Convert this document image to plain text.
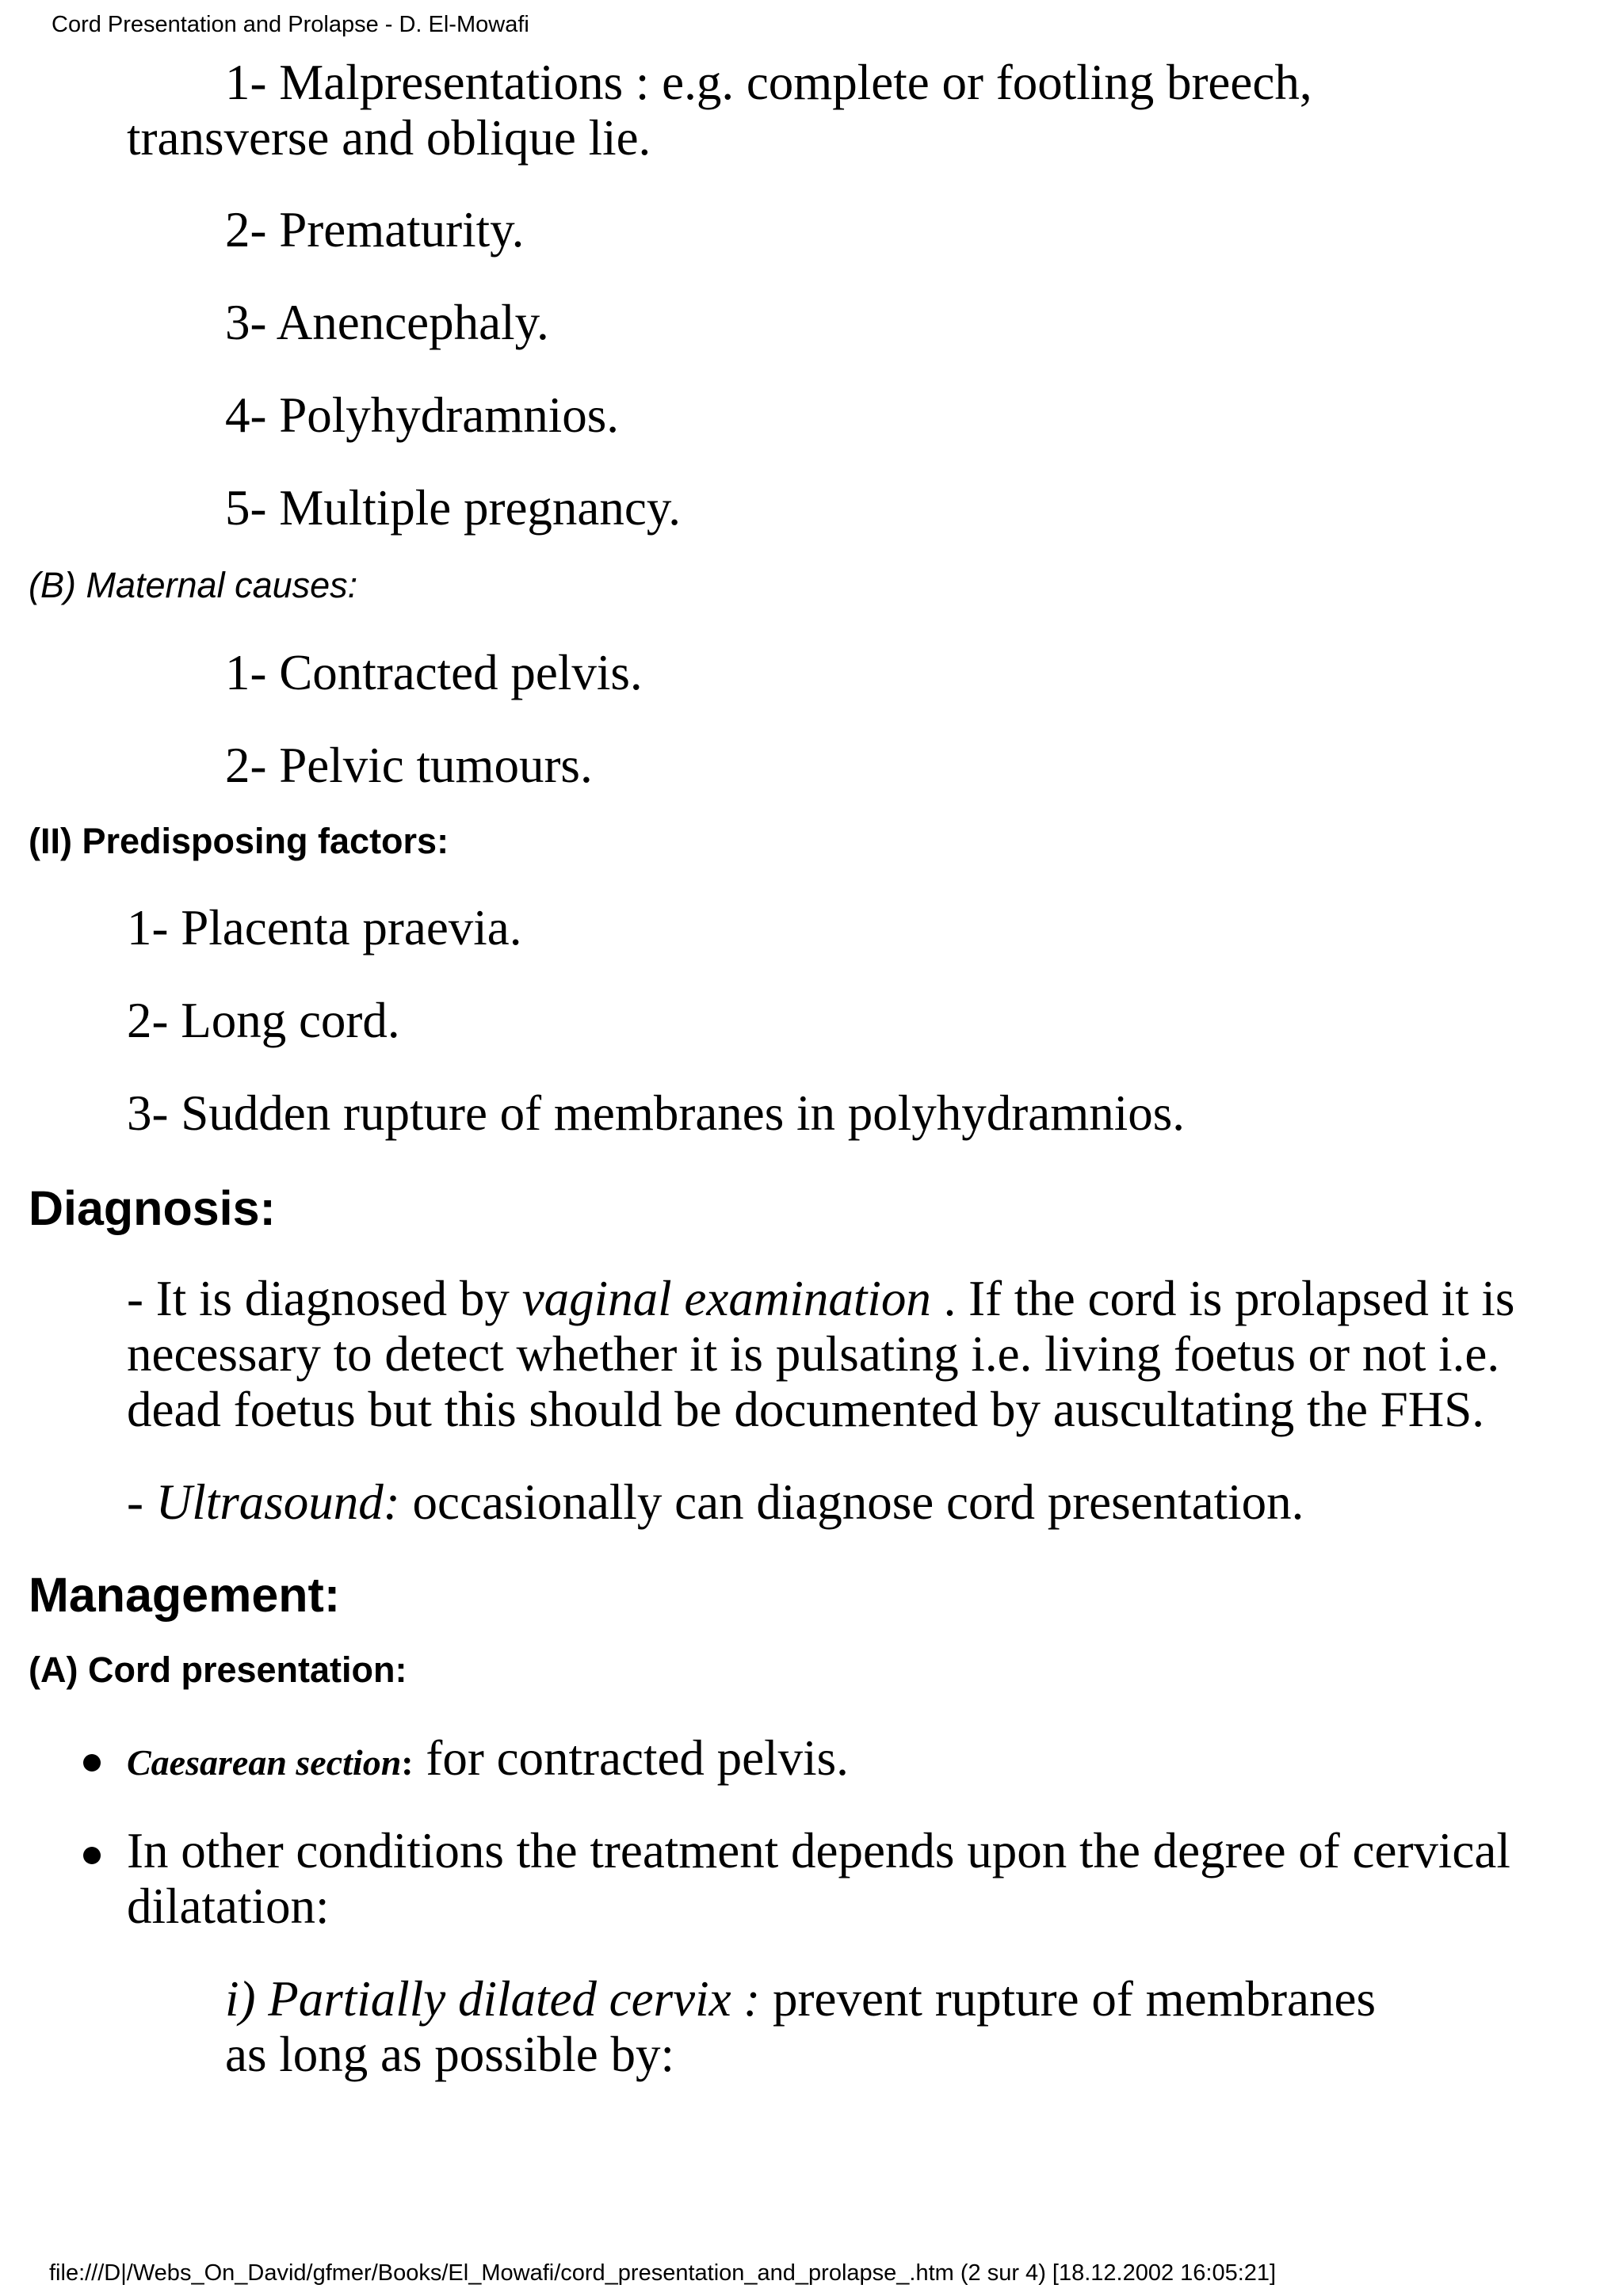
Cord Presentation and Prolapse - D. El-Mowafi
1- Malpresentations : e.g. complete or footling breech,
transverse and oblique lie.
2- Prematurity.
3- Anencephaly.
4- Polyhydramnios.
5- Multiple pregnancy.
(B) Maternal causes:
1- Contracted pelvis.
2- Pelvic tumours.
(II) Predisposing factors:
1- Placenta praevia.
2- Long cord.
3- Sudden rupture of membranes in polyhydramnios.
Diagnosis:
- It is diagnosed by vaginal examination . If the cord is prolapsed it is
necessary to detect whether it is pulsating i.e. living foetus or not i.e.
dead foetus but this should be documented by auscultating the FHS.
- Ultrasound: occasionally can diagnose cord presentation.
Management:
(A) Cord presentation:
Caesarean section: for contracted pelvis.
In other conditions the treatment depends upon the degree of cervical
dilatation:
i) Partially dilated cervix : prevent rupture of membranes
as long as possible by:
file:///D|/Webs_On_David/gfmer/Books/El_Mowafi/cord_presentation_and_prolapse_.htm (2 sur 4) [18.12.2002 16:05:21]
